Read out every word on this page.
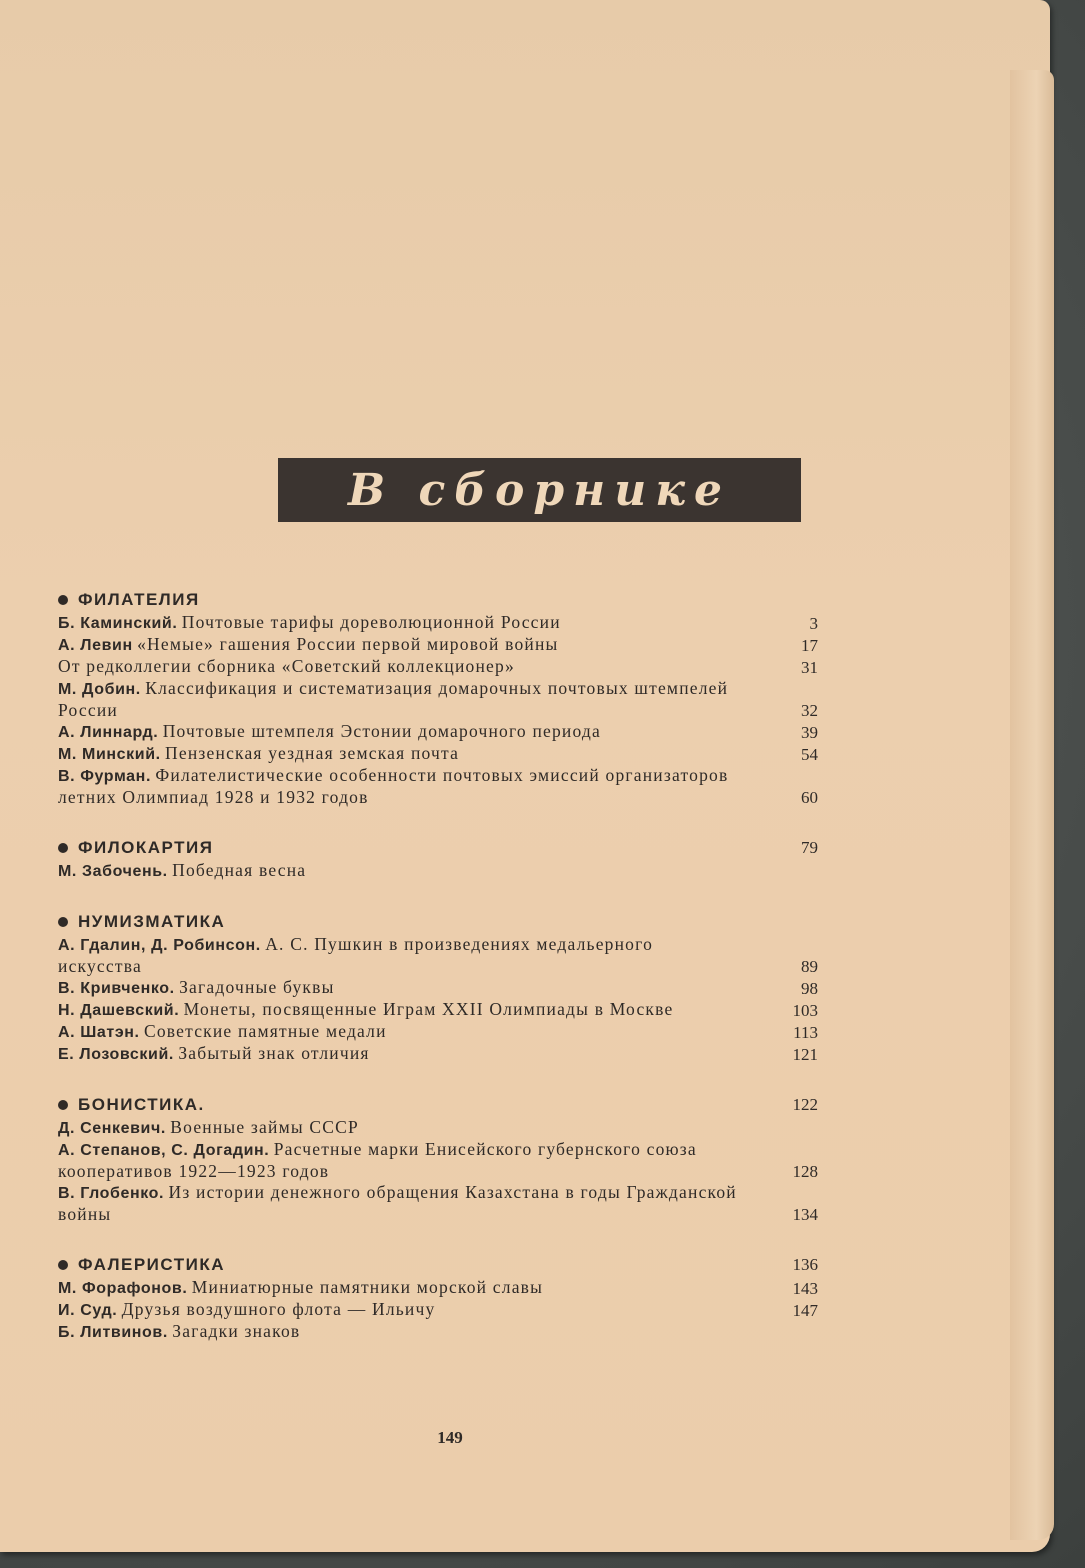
В сборнике
ФИЛАТЕЛИЯ
Б. Каминский. Почтовые тарифы дореволюционной России	3
А. Левин «Немые» гашения России первой мировой войны	17
От редколлегии сборника «Советский коллекционер»	31
М. Добин. Классификация и систематизация домарочных почтовых штемпелей России	32
А. Линнард. Почтовые штемпеля Эстонии домарочного периода	39
М. Минский. Пензенская уездная земская почта	54
В. Фурман. Филателистические особенности почтовых эмиссий организаторов летних Олимпиад 1928 и 1932 годов	60
ФИЛОКАРТИЯ	79
М. Забочень. Победная весна
НУМИЗМАТИКА
А. Гдалин, Д. Робинсон. А. С. Пушкин в произведениях медальерного искусства	89
В. Кривченко. Загадочные буквы	98
Н. Дашевский. Монеты, посвященные Играм XXII Олимпиады в Москве	103
А. Шатэн. Советские памятные медали	113
Е. Лозовский. Забытый знак отличия	121
БОНИСТИКА.	122
Д. Сенкевич. Военные займы СССР
А. Степанов, С. Догадин. Расчетные марки Енисейского губернского союза кооперативов 1922—1923 годов	128
В. Глобенко. Из истории денежного обращения Казахстана в годы Гражданской войны	134
ФАЛЕРИСТИКА	136
М. Форафонов. Миниатюрные памятники морской славы	143
И. Суд. Друзья воздушного флота — Ильичу	147
Б. Литвинов. Загадки знаков
149
